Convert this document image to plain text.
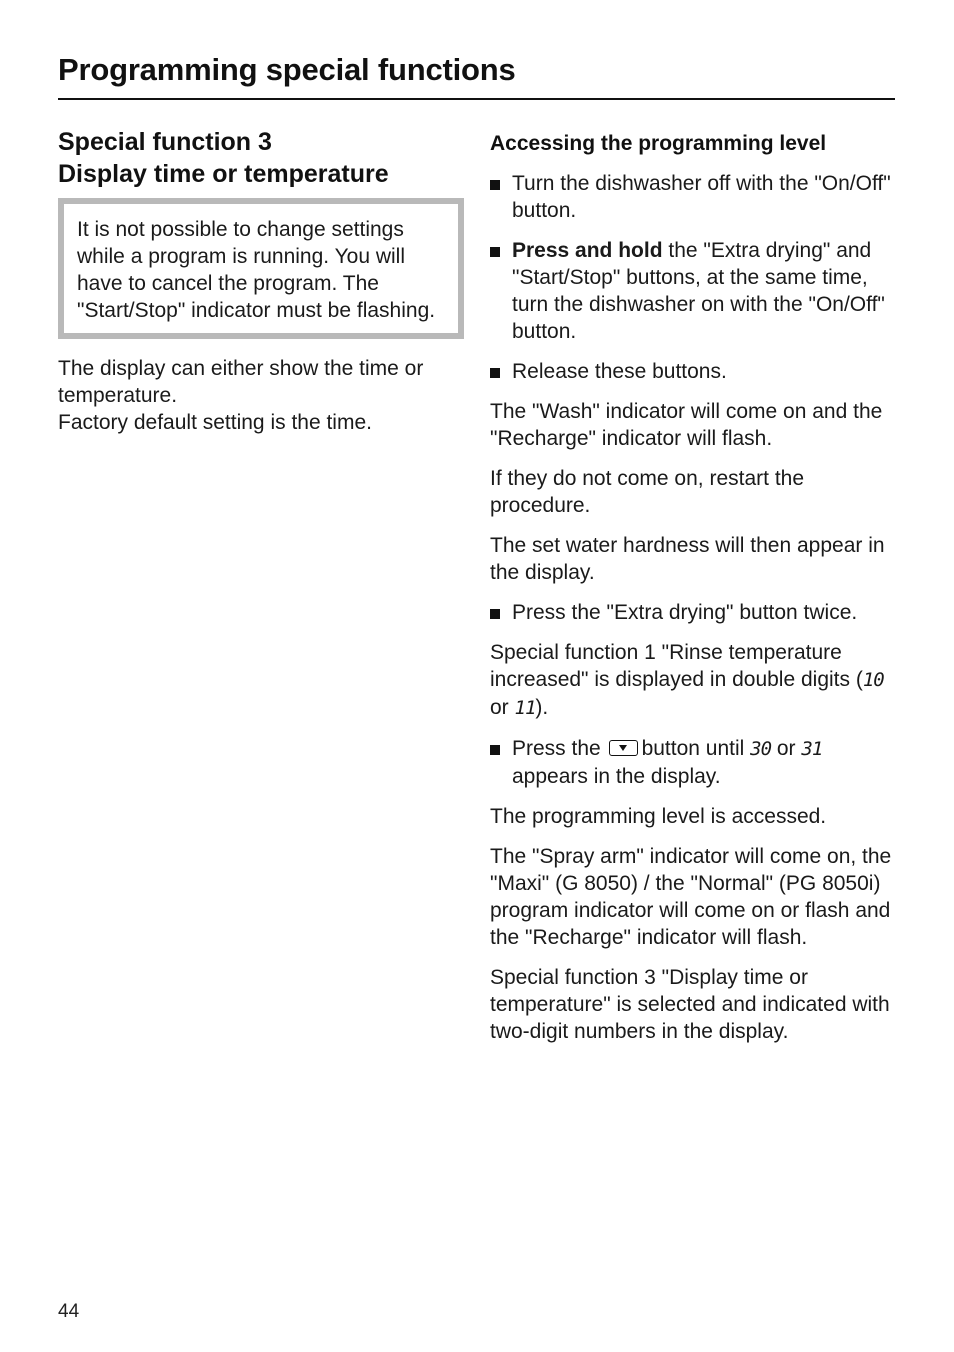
Programming special functions
Special function 3
Display time or temperature

It is not possible to change settings while a program is running. You will have to cancel the program. The "Start/Stop" indicator must be flashing.

The display can either show the time or temperature.
Factory default setting is the time.

Accessing the programming level
Turn the dishwasher off with the "On/Off" button.
Press and hold the "Extra drying" and "Start/Stop" buttons, at the same time, turn the dishwasher on with the "On/Off" button.
Release these buttons.

The "Wash" indicator will come on and the "Recharge" indicator will flash.

If they do not come on, restart the procedure.

The set water hardness will then appear in the display.

Press the "Extra drying" button twice.

Special function 1 "Rinse temperature increased" is displayed in double digits (10 or 11).

Press the button until 30 or 31 appears in the display.

The programming level is accessed.

The "Spray arm" indicator will come on, the "Maxi" (G 8050) / the "Normal" (PG 8050i) program indicator will come on or flash and the "Recharge" indicator will flash.

Special function 3 "Display time or temperature" is selected and indicated with two-digit numbers in the display.

44
